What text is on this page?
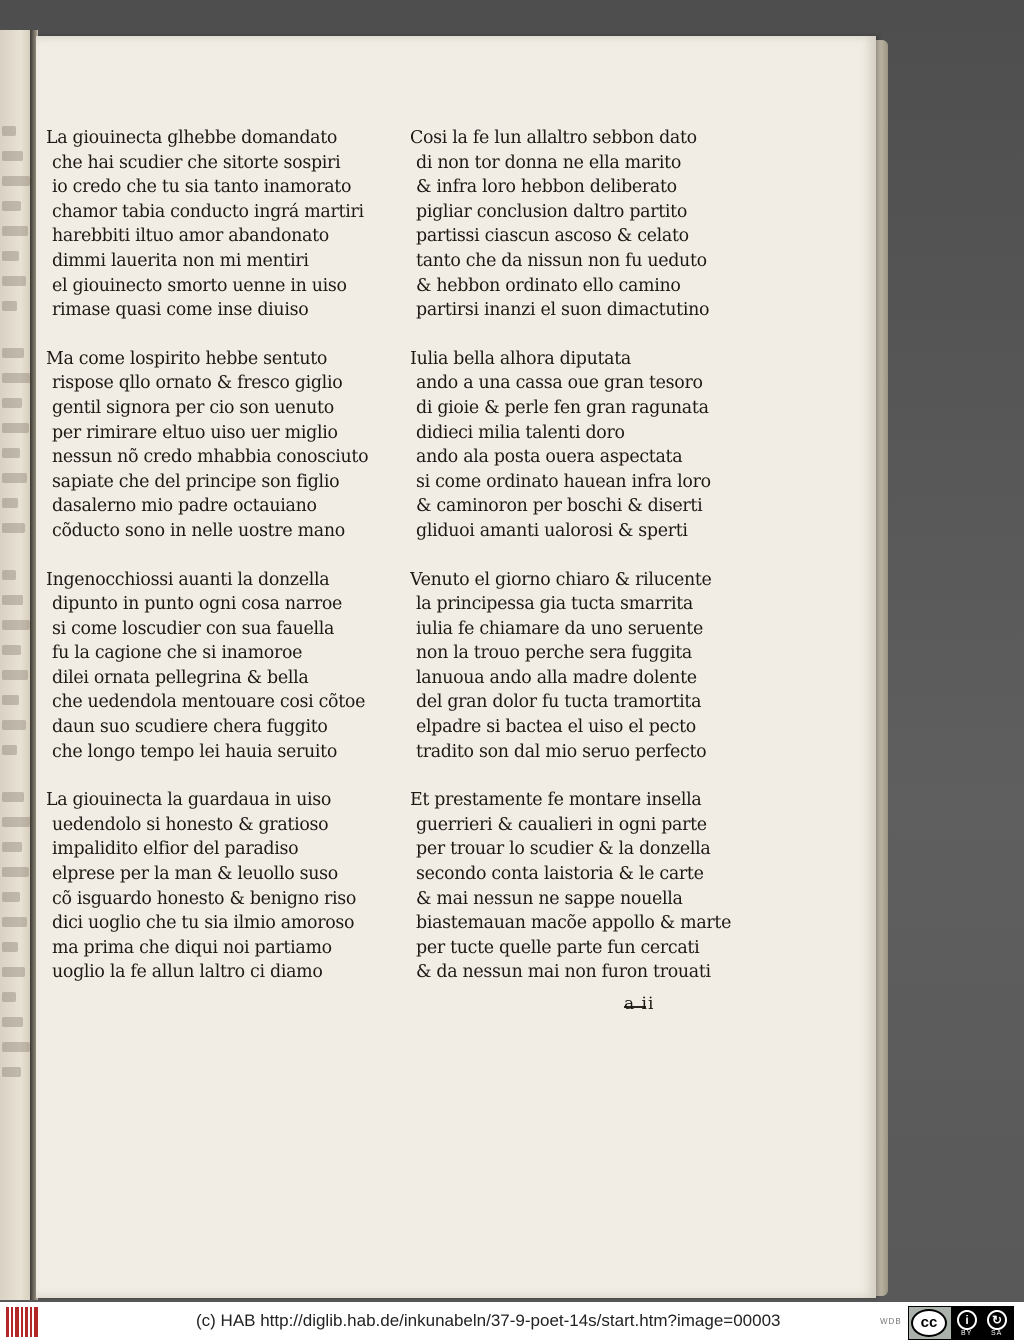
La giouinecta glhebbe domandato
che hai scudier che sitorte sospiri
io credo che tu sia tanto inamorato
chamor tabia conducto ingrá martiri
harebbiti iltuo amor abandonato
dimmi lauerita non mi mentiri
el giouinecto smorto uenne in uiso
rimase quasi come inse diuiso
Ma come lospirito hebbe sentuto
rispose qllo ornato & fresco giglio
gentil signora per cio son uenuto
per rimirare eltuo uiso uer miglio
nessun nõ credo mhabbia conosciuto
sapiate che del principe son figlio
dasalerno mio padre octauiano
cõducto sono in nelle uostre mano
Ingenocchiossi auanti la donzella
dipunto in punto ogni cosa narroe
si come loscudier con sua fauella
fu la cagione che si inamoroe
dilei ornata pellegrina & bella
che uedendola mentouare cosi cõtoe
daun suo scudiere chera fuggito
che longo tempo lei hauia seruito
La giouinecta la guardaua in uiso
uedendolo si honesto & gratioso
impalidito elfior del paradiso
elprese per la man & leuollo suso
cõ isguardo honesto & benigno riso
dici uoglio che tu sia ilmio amoroso
ma prima che diqui noi partiamo
uoglio la fe allun laltro ci diamo
Cosi la fe lun allaltro sebbon dato
di non tor donna ne ella marito
& infra loro hebbon deliberato
pigliar conclusion daltro partito
partissi ciascun ascoso & celato
tanto che da nissun non fu ueduto
& hebbon ordinato ello camino
partirsi inanzi el suon dimactutino
Iulia bella alhora diputata
ando a una cassa oue gran tesoro
di gioie & perle fen gran ragunata
didieci milia talenti doro
ando ala posta ouera aspectata
si come ordinato hauean infra loro
& caminoron per boschi & diserti
gliduoi amanti ualorosi & sperti
Venuto el giorno chiaro & rilucente
la principessa gia tucta smarrita
iulia fe chiamare da uno seruente
non la trouo perche sera fuggita
lanuoua ando alla madre dolente
del gran dolor fu tucta tramortita
elpadre si bactea el uiso el pecto
tradito son dal mio seruo perfecto
Et prestamente fe montare insella
guerrieri & caualieri in ogni parte
per trouar lo scudier & la donzella
secondo conta laistoria & le carte
& mai nessun ne sappe nouella
biastemauan macõe appollo & marte
per tucte quelle parte fun cercati
& da nessun mai non furon trouati
a ii
(c) HAB http://diglib.hab.de/inkunabeln/37-9-poet-14s/start.htm?image=00003	WDB	cc	i	↻
BY	SA
